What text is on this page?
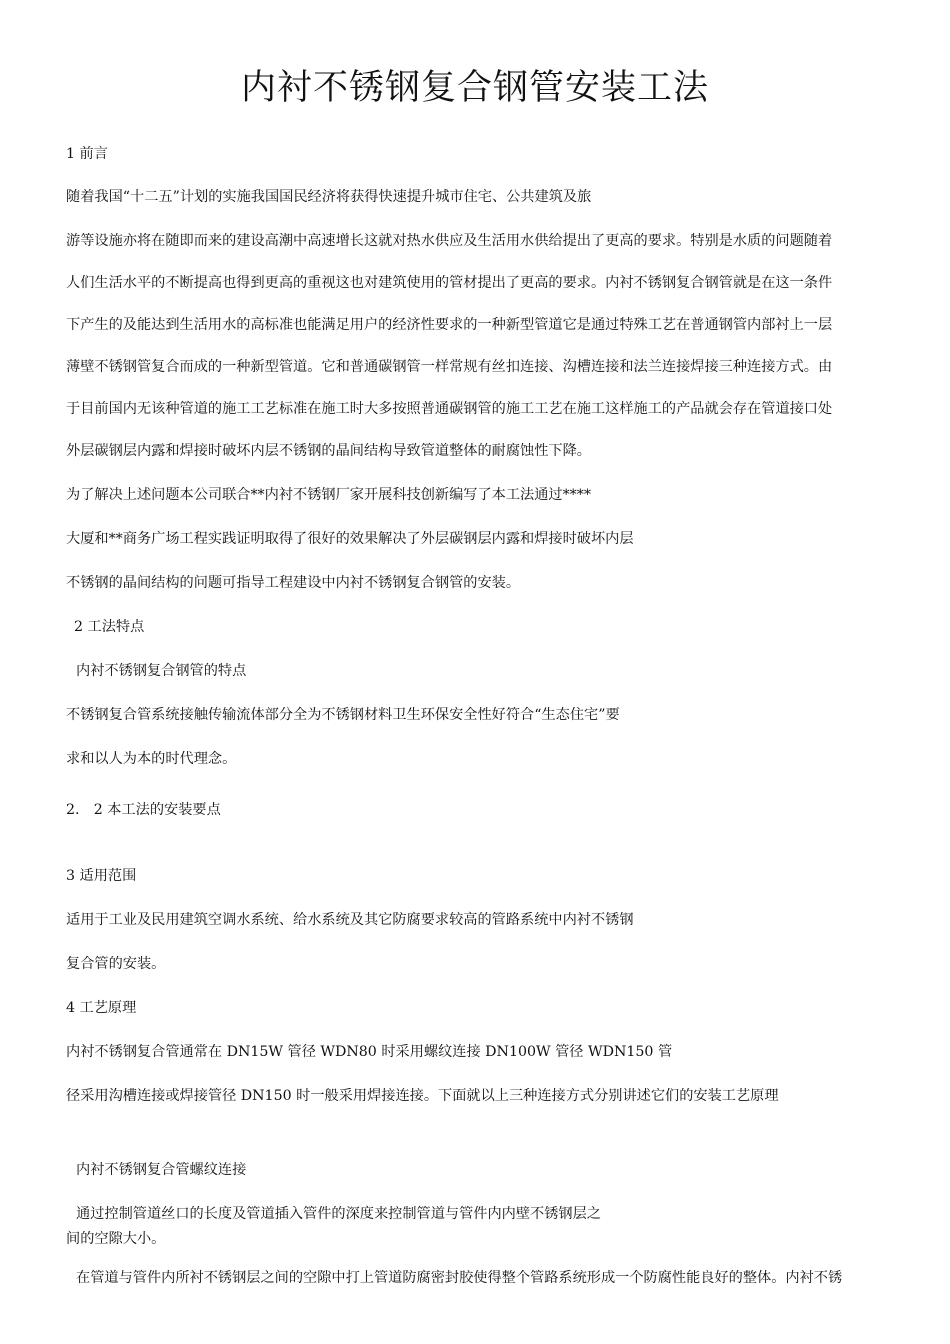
内衬不锈钢复合钢管安装工法
1 前言
随着我国“十二五”计划的实施我国国民经济将获得快速提升城市住宅、公共建筑及旅
游等设施亦将在随即而来的建设高潮中高速增长这就对热水供应及生活用水供给提出了更高的要求。特别是水质的问题随着
人们生活水平的不断提高也得到更高的重视这也对建筑使用的管材提出了更高的要求。内衬不锈钢复合钢管就是在这一条件
下产生的及能达到生活用水的高标准也能满足用户的经济性要求的一种新型管道它是通过特殊工艺在普通钢管内部衬上一层
薄壁不锈钢管复合而成的一种新型管道。它和普通碳钢管一样常规有丝扣连接、沟槽连接和法兰连接焊接三种连接方式。由
于目前国内无该种管道的施工工艺标准在施工时大多按照普通碳钢管的施工工艺在施工这样施工的产品就会存在管道接口处
外层碳钢层内露和焊接时破坏内层不锈钢的晶间结构导致管道整体的耐腐蚀性下降。
为了解决上述问题本公司联合**内衬不锈钢厂家开展科技创新编写了本工法通过****
大厦和**商务广场工程实践证明取得了很好的效果解决了外层碳钢层内露和焊接时破坏内层
不锈钢的晶间结构的问题可指导工程建设中内衬不锈钢复合钢管的安装。
2 工法特点
内衬不锈钢复合钢管的特点
不锈钢复合管系统接触传输流体部分全为不锈钢材料卫生环保安全性好符合“生态住宅”要
求和以人为本的时代理念。
2.　2 本工法的安装要点
3 适用范围
适用于工业及民用建筑空调水系统、给水系统及其它防腐要求较高的管路系统中内衬不锈钢
复合管的安装。
4 工艺原理
内衬不锈钢复合管通常在 DN15W 管径 WDN80 时采用螺纹连接 DN100W 管径 WDN150 管
径采用沟槽连接或焊接管径 DN150 时一般采用焊接连接。下面就以上三种连接方式分别讲述它们的安装工艺原理
内衬不锈钢复合管螺纹连接
通过控制管道丝口的长度及管道插入管件的深度来控制管道与管件内内壁不锈钢层之
间的空隙大小。
在管道与管件内所衬不锈钢层之间的空隙中打上管道防腐密封胶使得整个管路系统形成一个防腐性能良好的整体。内衬不锈
